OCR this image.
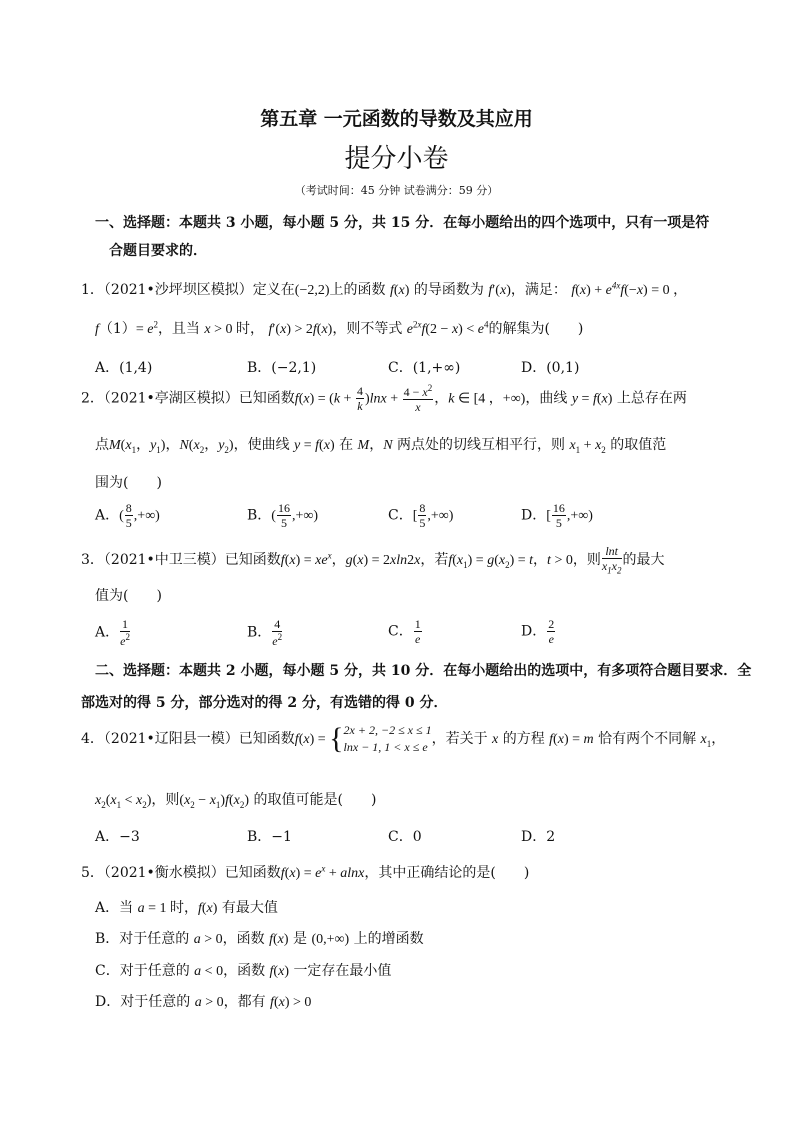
第五章 一元函数的导数及其应用
提分小卷
（考试时间：45 分钟 试卷满分：59 分）
一、选择题：本题共 3 小题，每小题 5 分，共 15 分．在每小题给出的四个选项中，只有一项是符
合题目要求的．
1．（2021•沙坪坝区模拟）定义在(−2,2)上的函数 f(x) 的导函数为 f′(x)，满足： $f(x) + e^{4x}f(-x) = 0$ ，
$f(1)= e^2$，且当 x > 0 时， f′(x) > 2f(x)，则不等式 $e^{2x}f(2 - x) < e^4$的解集为(　　)
A．(1,4)	B．(−2,1)	C．(1,+∞)	D．(0,1)
2．（2021•亭湖区模拟）已知函数$f(x) = (k + \frac{4}{k} )\ln x + \frac{4 - x^2}{x}$ ，k ∈ [4 ，+∞)，曲线 y = f(x) 上总存在两
点$M(x_1$，$y_1$)，$N(x_2$，$y_2$)，使曲线 y = f(x) 在 M，N 两点处的切线互相平行，则 $x_1 + x_2$ 的取值范
围为(　　)
A．( $\frac{8}{5}$ ,+∞)	B．( $\frac{16}{5}$ ,+∞)	C．[ $\frac{8}{5}$ ,+∞)	D．[ $\frac{16}{5}$ ,+∞)
3．（2021•中卫三模）已知函数$f(x) = xe^x$，g(x) = 2xln2x，若$f(x_1) = g(x_2) = t$，t > 0，则 $\frac{\ln t}{x_1x_2}$ 的最大
值为(　　)
A． $\frac{1}{e^2}$	B． $\frac{4}{e^2}$	C． $\frac{1}{e}$	D． $\frac{2}{e}$
二、选择题：本题共 2 小题，每小题 5 分，共 10 分．在每小题给出的选项中，有多项符合题目要求．全
部选对的得 5 分，部分选对的得 2 分，有选错的得 0 分．
4．（2021•辽阳县一模）已知函数f(x) = { 2x + 2, −2 ≤ x ≤ 1
lnx − 1, 1 < x ≤ e ，若关于 x 的方程 f(x) = m 恰有两个不同解 $x_1$，
$x_2(x_1 < x_2)$，则$(x_2 - x_1)f(x_2)$ 的取值可能是(　　)
A．−3	B．−1	C．0	D．2
5．（2021•衡水模拟）已知函数$f(x) = e^x + alnx$，其中正确结论的是(　　)
A．当 a = 1 时，f(x) 有最大值
B．对于任意的 a > 0，函数 f(x) 是 (0,+∞) 上的增函数
C．对于任意的 a < 0，函数 f(x) 一定存在最小值
D．对于任意的 a > 0，都有 f(x) > 0
